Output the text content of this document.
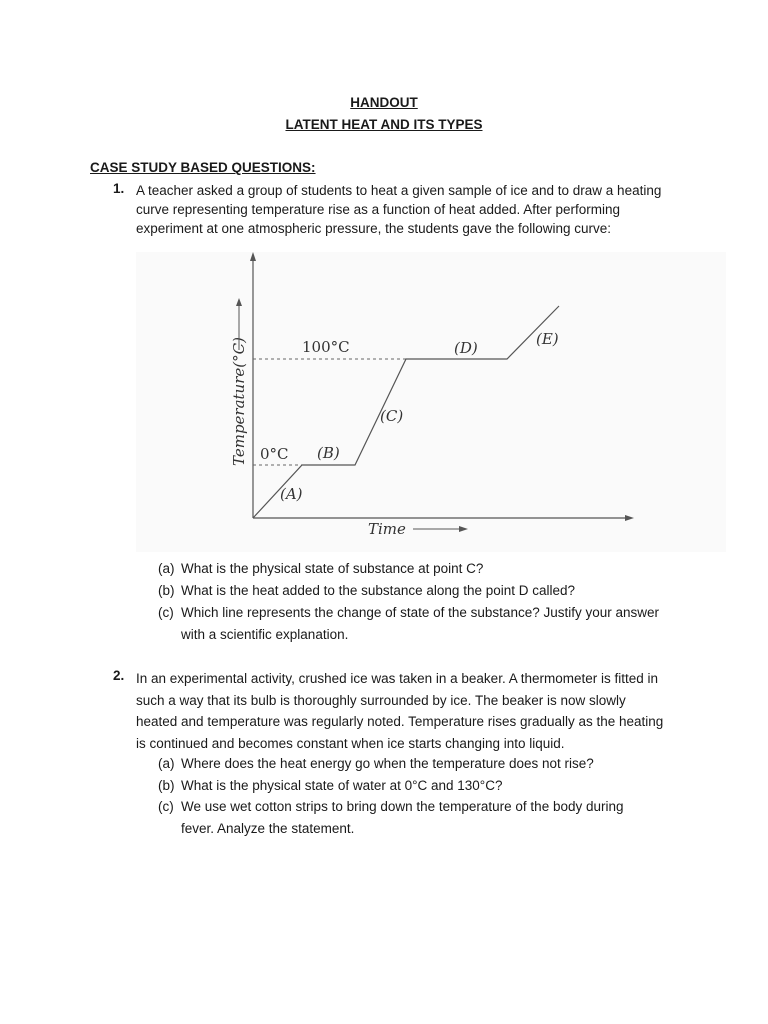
HANDOUT
LATENT HEAT AND ITS TYPES
CASE STUDY BASED QUESTIONS:
1. A teacher asked a group of students to heat a given sample of ice and to draw a heating
curve representing temperature rise as a function of heat added. After performing
experiment at one atmospheric pressure, the students gave the following curve:
Temperature(°C)
Time
100°C
0°C
(A)
(B)
(C)
(D)	(E)
(a) What is the physical state of substance at point C?
(b) What is the heat added to the substance along the point D called?
(c) Which line represents the change of state of the substance? Justify your answer
with a scientific explanation.
2. In an experimental activity, crushed ice was taken in a beaker. A thermometer is fitted in
such a way that its bulb is thoroughly surrounded by ice. The beaker is now slowly
heated and temperature was regularly noted. Temperature rises gradually as the heating
is continued and becomes constant when ice starts changing into liquid.
(a) Where does the heat energy go when the temperature does not rise?
(b) What is the physical state of water at 0°C and 130°C?
(c) We use wet cotton strips to bring down the temperature of the body during
fever. Analyze the statement.
